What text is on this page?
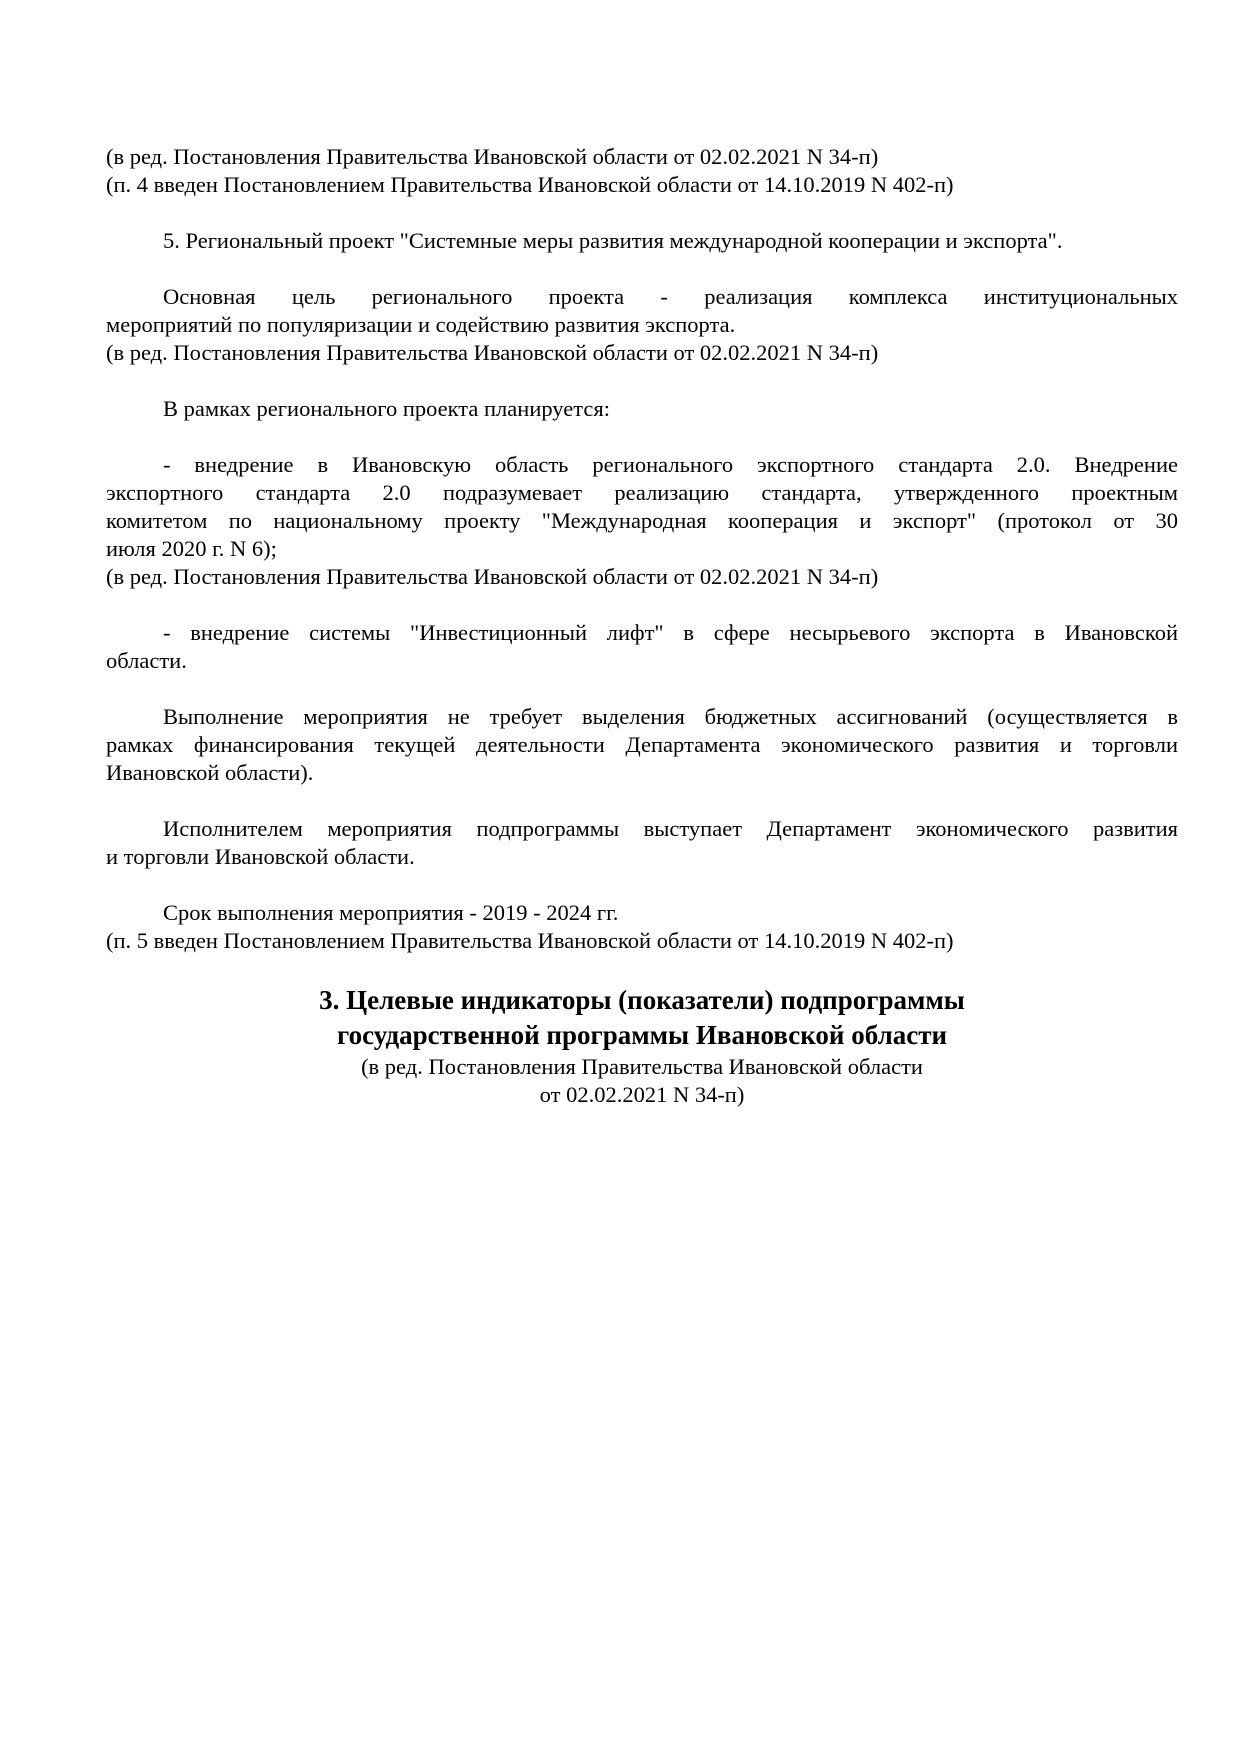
(в ред. Постановления Правительства Ивановской области от 02.02.2021 N 34-п)
(п. 4 введен Постановлением Правительства Ивановской области от 14.10.2019 N 402-п)
5. Региональный проект "Системные меры развития международной кооперации и экспорта".
Основная цель регионального проекта - реализация комплекса институциональных
мероприятий по популяризации и содействию развития экспорта.
(в ред. Постановления Правительства Ивановской области от 02.02.2021 N 34-п)
В рамках регионального проекта планируется:
- внедрение в Ивановскую область регионального экспортного стандарта 2.0. Внедрение
экспортного стандарта 2.0 подразумевает реализацию стандарта, утвержденного проектным
комитетом по национальному проекту "Международная кооперация и экспорт" (протокол от 30
июля 2020 г. N 6);
(в ред. Постановления Правительства Ивановской области от 02.02.2021 N 34-п)
- внедрение системы "Инвестиционный лифт" в сфере несырьевого экспорта в Ивановской
области.
Выполнение мероприятия не требует выделения бюджетных ассигнований (осуществляется в
рамках финансирования текущей деятельности Департамента экономического развития и торговли
Ивановской области).
Исполнителем мероприятия подпрограммы выступает Департамент экономического развития
и торговли Ивановской области.
Срок выполнения мероприятия - 2019 - 2024 гг.
(п. 5 введен Постановлением Правительства Ивановской области от 14.10.2019 N 402-п)
3. Целевые индикаторы (показатели) подпрограммы
государственной программы Ивановской области
(в ред. Постановления Правительства Ивановской области
от 02.02.2021 N 34-п)
